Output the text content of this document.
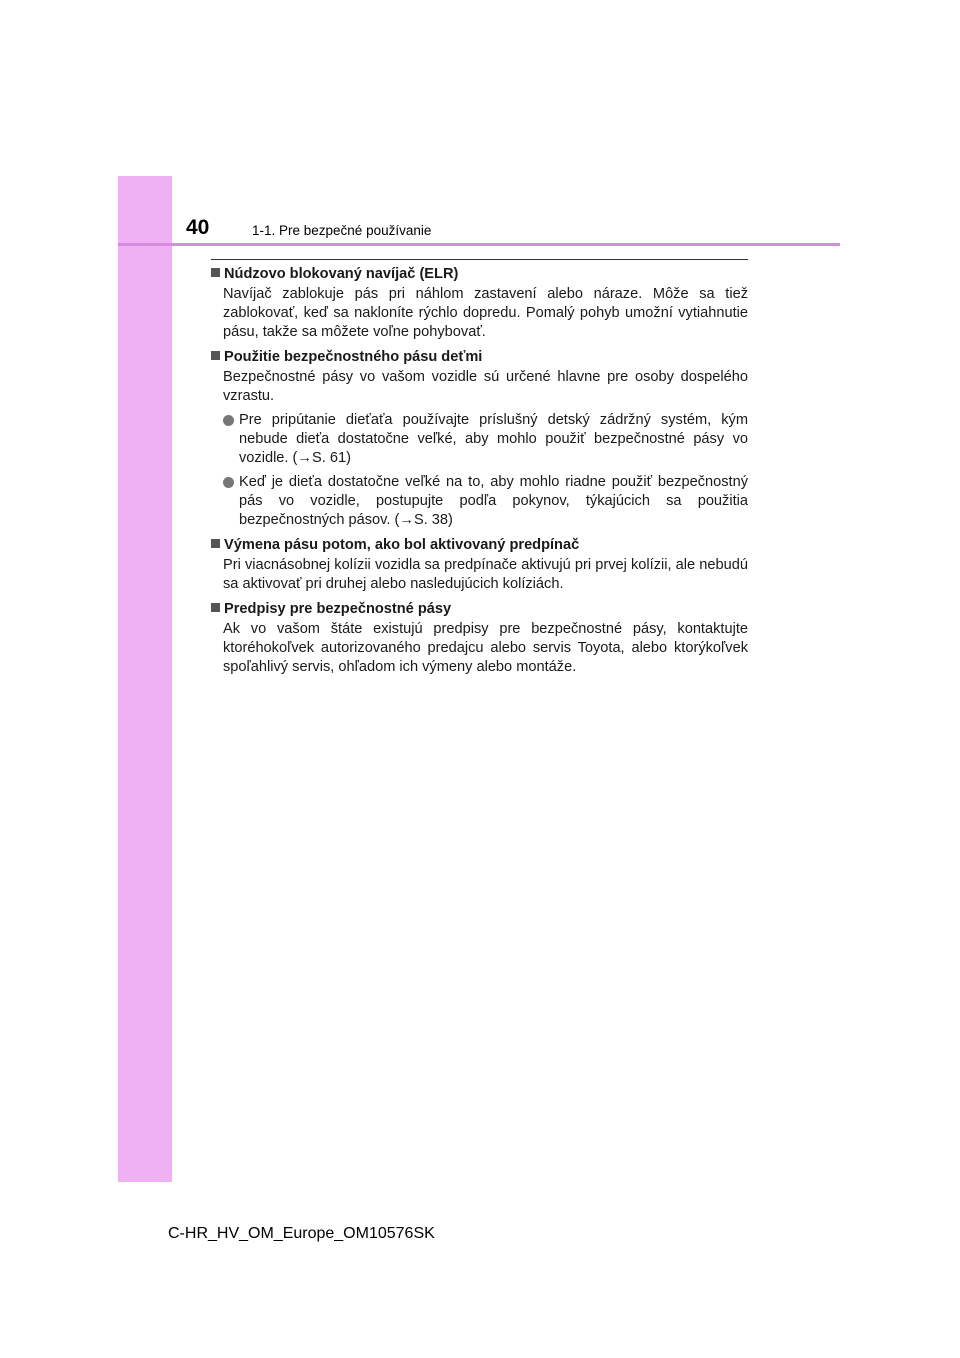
40	1-1. Pre bezpečné používanie
Núdzovo blokovaný navíjač (ELR)
Navíjač zablokuje pás pri náhlom zastavení alebo náraze. Môže sa tiež zablokovať, keď sa nakloníte rýchlo dopredu. Pomalý pohyb umožní vytiahnutie pásu, takže sa môžete voľne pohybovať.
Použitie bezpečnostného pásu deťmi
Bezpečnostné pásy vo vašom vozidle sú určené hlavne pre osoby dospelého vzrastu.
Pre pripútanie dieťaťa používajte príslušný detský zádržný systém, kým nebude dieťa dostatočne veľké, aby mohlo použiť bezpečnostné pásy vo vozidle. (→S. 61)
Keď je dieťa dostatočne veľké na to, aby mohlo riadne použiť bezpečnostný pás vo vozidle, postupujte podľa pokynov, týkajúcich sa použitia bezpečnostných pásov. (→S. 38)
Výmena pásu potom, ako bol aktivovaný predpínač
Pri viacnásobnej kolízii vozidla sa predpínače aktivujú pri prvej kolízii, ale nebudú sa aktivovať pri druhej alebo nasledujúcich kolíziách.
Predpisy pre bezpečnostné pásy
Ak vo vašom štáte existujú predpisy pre bezpečnostné pásy, kontaktujte ktoréhokoľvek autorizovaného predajcu alebo servis Toyota, alebo ktorýkoľvek spoľahlivý servis, ohľadom ich výmeny alebo montáže.
C-HR_HV_OM_Europe_OM10576SK
